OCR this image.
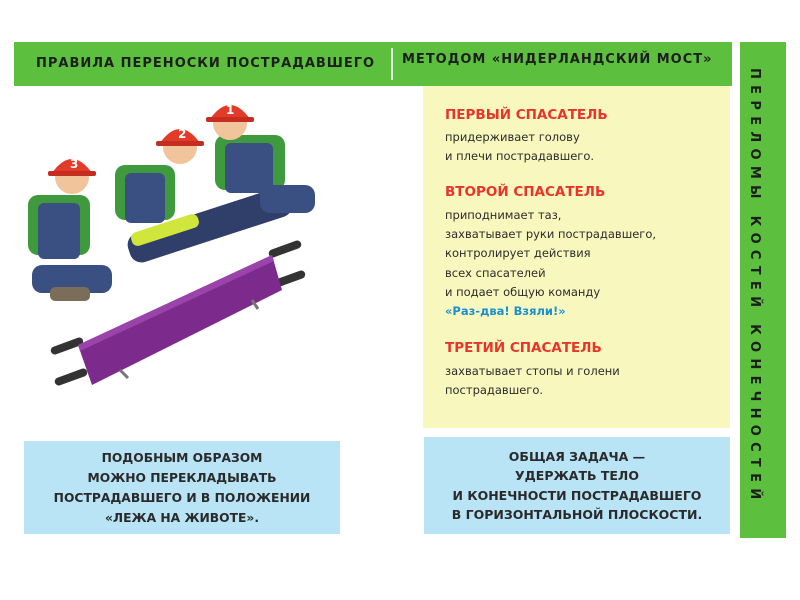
ПРАВИЛА ПЕРЕНОСКИ ПОСТРАДАВШЕГО МЕТОДОМ «НИДЕРЛАНДСКИЙ МОСТ»
ПЕРЕЛОМЫ КОСТЕЙ КОНЕЧНОСТЕЙ
ПЕРВЫЙ СПАСАТЕЛЬ
придерживает голову
и плечи пострадавшего.
ВТОРОЙ СПАСАТЕЛЬ
приподнимает таз,
захватывает руки пострадавшего,
контролирует действия
всех спасателей
и подает общую команду
«Раз-два! Взяли!»
ТРЕТИЙ СПАСАТЕЛЬ
захватывает стопы и голени
пострадавшего.
ПОДОБНЫМ ОБРАЗОМ
МОЖНО ПЕРЕКЛАДЫВАТЬ
ПОСТРАДАВШЕГО И В ПОЛОЖЕНИИ
«ЛЕЖА НА ЖИВОТЕ».
ОБЩАЯ ЗАДАЧА —
УДЕРЖАТЬ ТЕЛО
И КОНЕЧНОСТИ ПОСТРАДАВШЕГО
В ГОРИЗОНТАЛЬНОЙ ПЛОСКОСТИ.
3
2
1
